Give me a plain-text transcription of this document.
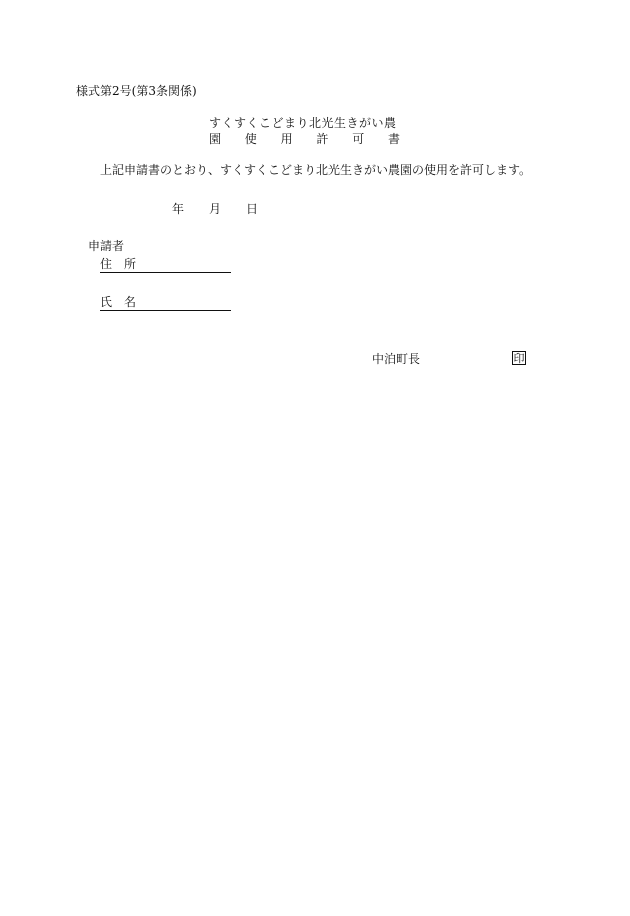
様式第2号(第3条関係)
すくすくこどまり北光生きがい農
園 使 用 許 可 書
上記申請書のとおり、すくすくこどまり北光生きがい農園の使用を許可します。
年 月 日
申請者
住 所
氏 名
中泊町長	印
